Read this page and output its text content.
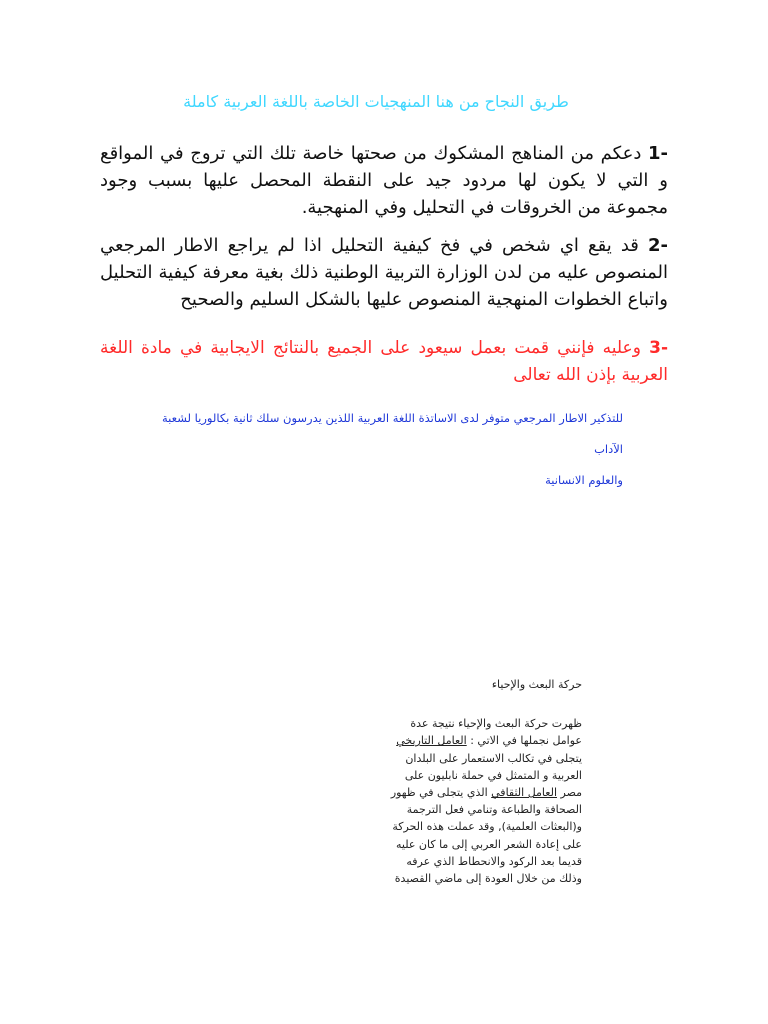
طريق النجاح من هنا المنهجيات الخاصة باللغة العربية كاملة
-1 دعكم من المناهج المشكوك من صحتها خاصة تلك التي تروج في المواقع و التي لا يكون لها مردود جيد على النقطة المحصل عليها بسبب وجود مجموعة من الخروقات في التحليل وفي المنهجية.
-2 قد يقع اي شخص في فخ كيفية التحليل اذا لم يراجع الاطار المرجعي المنصوص عليه من لدن الوزارة التربية الوطنية ذلك بغية معرفة كيفية التحليل واتباع الخطوات المنهجية المنصوص عليها بالشكل السليم والصحيح
-3 وعليه فإنني قمت بعمل سيعود على الجميع بالنتائج الايجابية في مادة اللغة العربية بإذن الله تعالى
للتذكير الاطار المرجعي متوفر لدى الاساتذة اللغة العربية اللذين يدرسون سلك ثانية بكالوريا لشعبة الآداب
والعلوم الانسانية
حركة البعث والإحياء
ظهرت حركة البعث والإحياء نتيجة عدة
عوامل نجملها في الاتي : العامل التاريخي
يتجلى في تكالب الاستعمار على البلدان
العربية و المتمثل في حملة نابليون على
مصر العامل الثقافي الذي يتجلى في ظهور
الصحافة والطباعة وتنامي فعل الترجمة
و(البعثات العلمية), وقد عملت هذه الحركة
على إعادة الشعر العربي إلى ما كان عليه
قديما بعد الركود والانحطاط الذي عرفه
وذلك من خلال العودة إلى ماضي القصيدة
